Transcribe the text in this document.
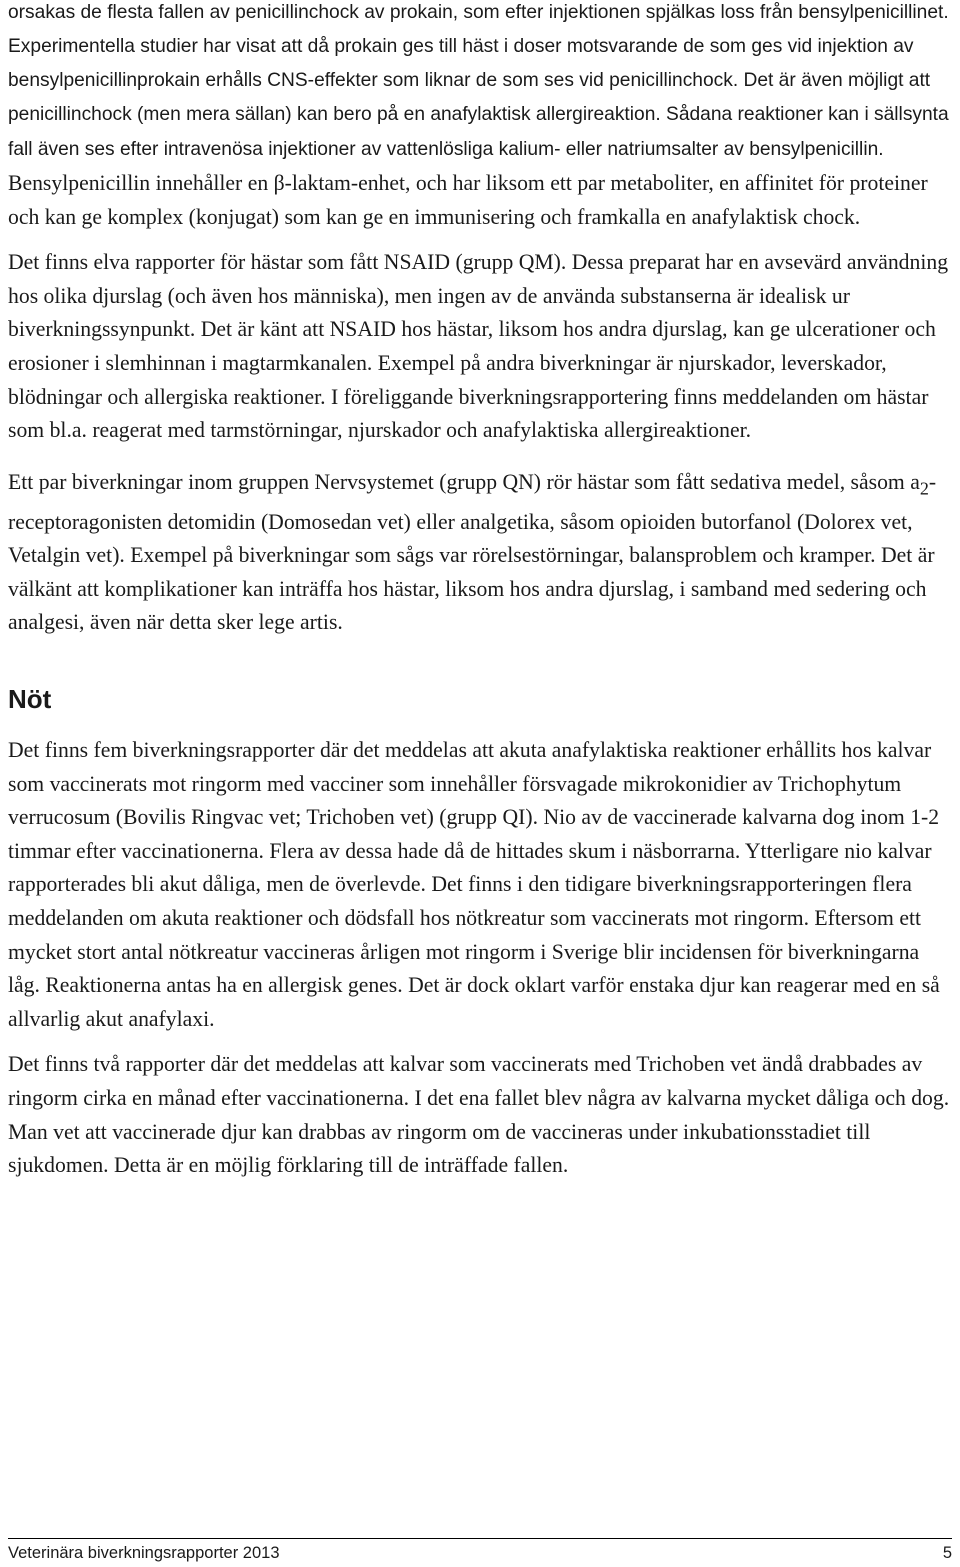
orsakas de flesta fallen av penicillinchock av prokain, som efter injektionen spjälkas loss från bensylpenicillinet. Experimentella studier har visat att då prokain ges till häst i doser motsvarande de som ges vid injektion av bensylpenicillinprokain erhålls CNS-effekter som liknar de som ses vid penicillinchock. Det är även möjligt att penicillinchock (men mera sällan) kan bero på en anafylaktisk allergireaktion. Sådana reaktioner kan i sällsynta fall även ses efter intravenösa injektioner av vattenlösliga kalium- eller natriumsalter av bensylpenicillin. Bensylpenicillin innehåller en β-laktam-enhet, och har liksom ett par metaboliter, en affinitet för proteiner och kan ge komplex (konjugat) som kan ge en immunisering och framkalla en anafylaktisk chock.

Det finns elva rapporter för hästar som fått NSAID (grupp QM). Dessa preparat har en avsevärd användning hos olika djurslag (och även hos människa), men ingen av de använda substanserna är idealisk ur biverkningssynpunkt. Det är känt att NSAID hos hästar, liksom hos andra djurslag, kan ge ulcerationer och erosioner i slemhinnan i magtarmkanalen. Exempel på andra biverkningar är njurskador, leverskador, blödningar och allergiska reaktioner. I föreliggande biverkningsrapportering finns meddelanden om hästar som bl.a. reagerat med tarmstörningar, njurskador och anafylaktiska allergireaktioner.

Ett par biverkningar inom gruppen Nervsystemet (grupp QN) rör hästar som fått sedativa medel, såsom $a_2$-receptoragonisten detomidin (Domosedan vet) eller analgetika, såsom opioiden butorfanol (Dolorex vet, Vetalgin vet). Exempel på biverkningar som sågs var rörelsestörningar, balansproblem och kramper. Det är välkänt att komplikationer kan inträffa hos hästar, liksom hos andra djurslag, i samband med sedering och analgesi, även när detta sker lege artis.

Nöt

Det finns fem biverkningsrapporter där det meddelas att akuta anafylaktiska reaktioner erhållits hos kalvar som vaccinerats mot ringorm med vacciner som innehåller försvagade mikrokonidier av Trichophytum verrucosum (Bovilis Ringvac vet; Trichoben vet) (grupp QI). Nio av de vaccinerade kalvarna dog inom 1-2 timmar efter vaccinationerna. Flera av dessa hade då de hittades skum i näsborrarna. Ytterligare nio kalvar rapporterades bli akut dåliga, men de överlevde. Det finns i den tidigare biverkningsrapporteringen flera meddelanden om akuta reaktioner och dödsfall hos nötkreatur som vaccinerats mot ringorm. Eftersom ett mycket stort antal nötkreatur vaccineras årligen mot ringorm i Sverige blir incidensen för biverkningarna låg. Reaktionerna antas ha en allergisk genes. Det är dock oklart varför enstaka djur kan reagerar med en så allvarlig akut anafylaxi.

Det finns två rapporter där det meddelas att kalvar som vaccinerats med Trichoben vet ändå drabbades av ringorm cirka en månad efter vaccinationerna. I det ena fallet blev några av kalvarna mycket dåliga och dog. Man vet att vaccinerade djur kan drabbas av ringorm om de vaccineras under inkubationsstadiet till sjukdomen. Detta är en möjlig förklaring till de inträffade fallen.

Veterinära biverkningsrapporter 2013	5
